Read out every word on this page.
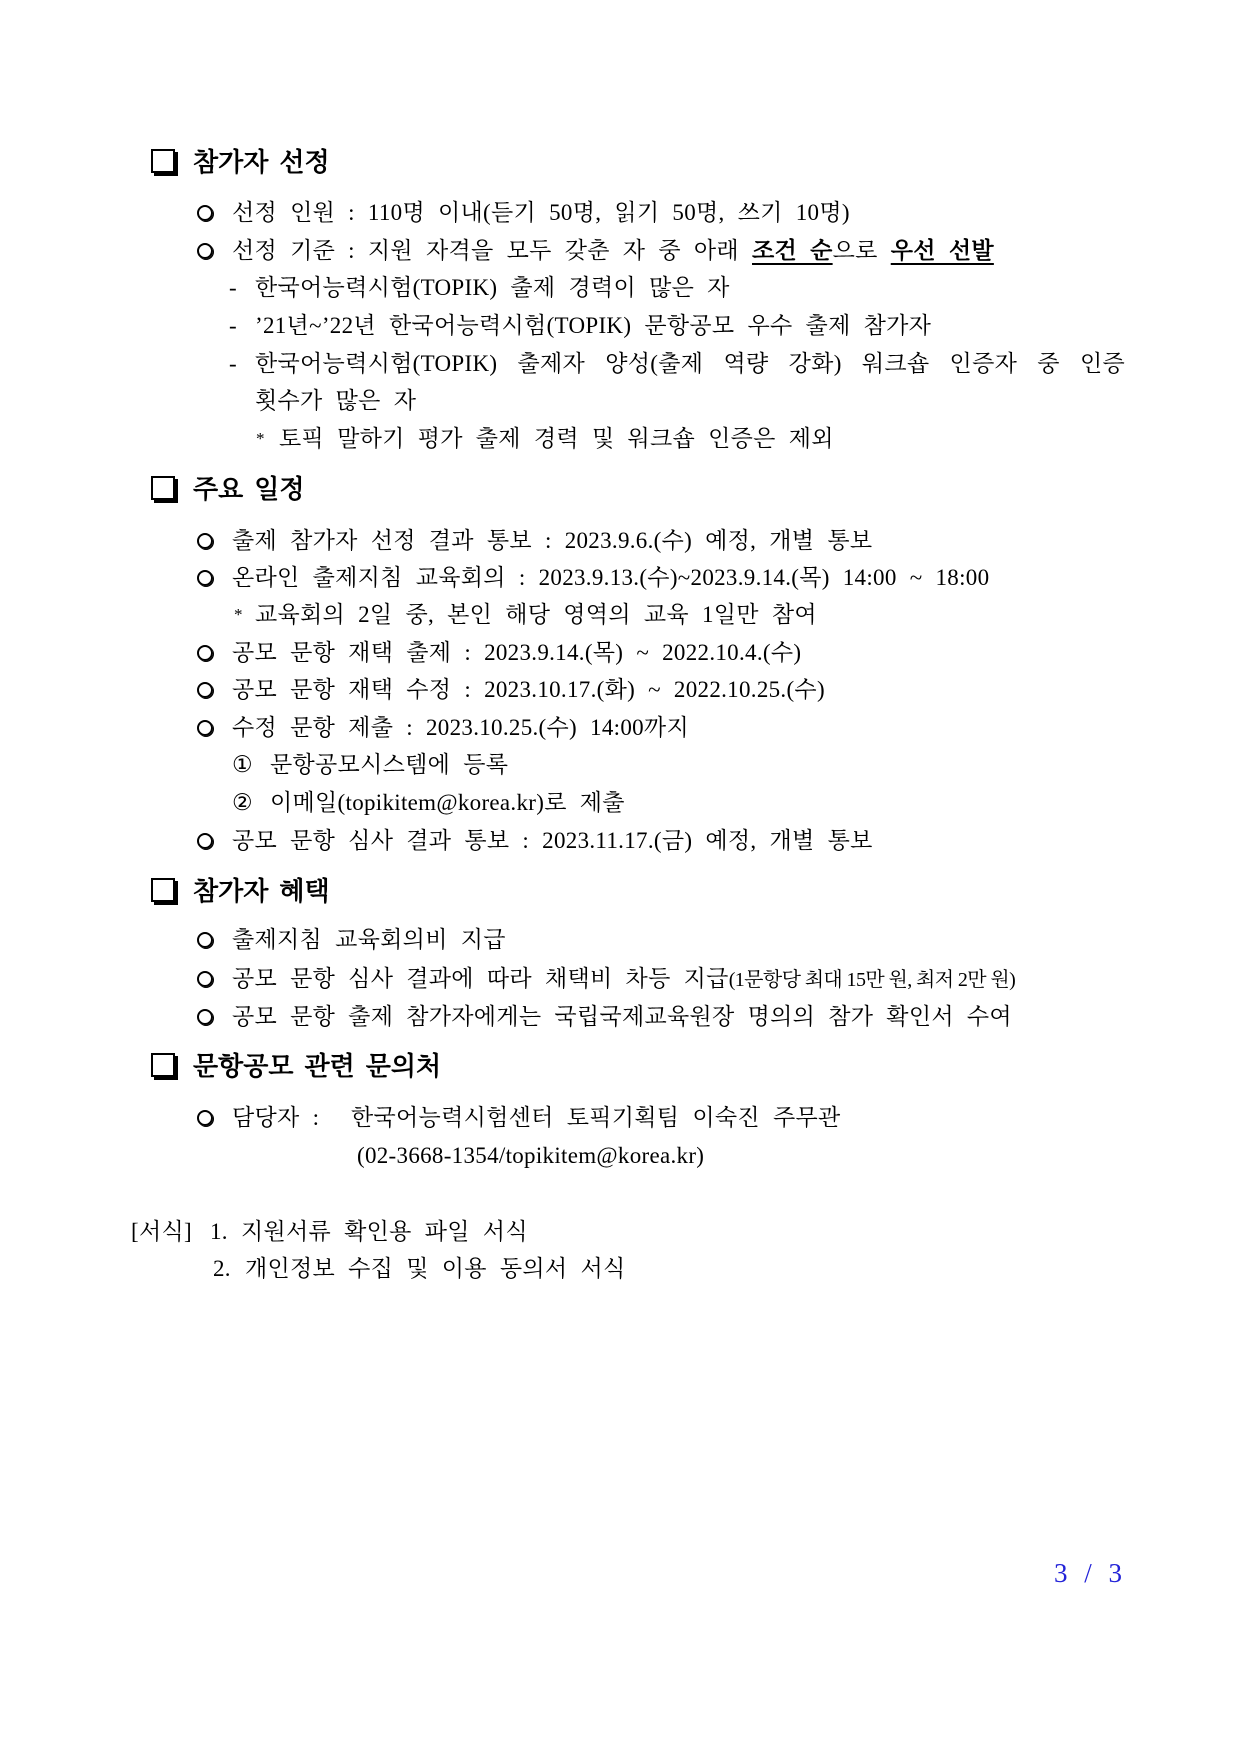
참가자 선정
선정 인원 : 110명 이내(듣기 50명, 읽기 50명, 쓰기 10명)
선정 기준 : 지원 자격을 모두 갖춘 자 중 아래 조건 순으로 우선 선발
- 한국어능력시험(TOPIK) 출제 경력이 많은 자
- ’21년~’22년 한국어능력시험(TOPIK) 문항공모 우수 출제 참가자
- 한국어능력시험(TOPIK) 출제자 양성(출제 역량 강화) 워크숍 인증자 중 인증
횟수가 많은 자
* 토픽 말하기 평가 출제 경력 및 워크숍 인증은 제외
주요 일정
출제 참가자 선정 결과 통보 : 2023.9.6.(수) 예정, 개별 통보
온라인 출제지침 교육회의 : 2023.9.13.(수)~2023.9.14.(목) 14:00 ~ 18:00
* 교육회의 2일 중, 본인 해당 영역의 교육 1일만 참여
공모 문항 재택 출제 : 2023.9.14.(목) ~ 2022.10.4.(수)
공모 문항 재택 수정 : 2023.10.17.(화) ~ 2022.10.25.(수)
수정 문항 제출 : 2023.10.25.(수) 14:00까지
① 문항공모시스템에 등록
② 이메일(topikitem@korea.kr)로 제출
공모 문항 심사 결과 통보 : 2023.11.17.(금) 예정, 개별 통보
참가자 혜택
출제지침 교육회의비 지급
공모 문항 심사 결과에 따라 채택비 차등 지급(1문항당 최대 15만 원, 최저 2만 원)
공모 문항 출제 참가자에게는 국립국제교육원장 명의의 참가 확인서 수여
문항공모 관련 문의처
담당자 : 한국어능력시험센터 토픽기획팀 이숙진 주무관
(02-3668-1354/topikitem@korea.kr)
[서식] 1. 지원서류 확인용 파일 서식
2. 개인정보 수집 및 이용 동의서 서식
3 / 3
